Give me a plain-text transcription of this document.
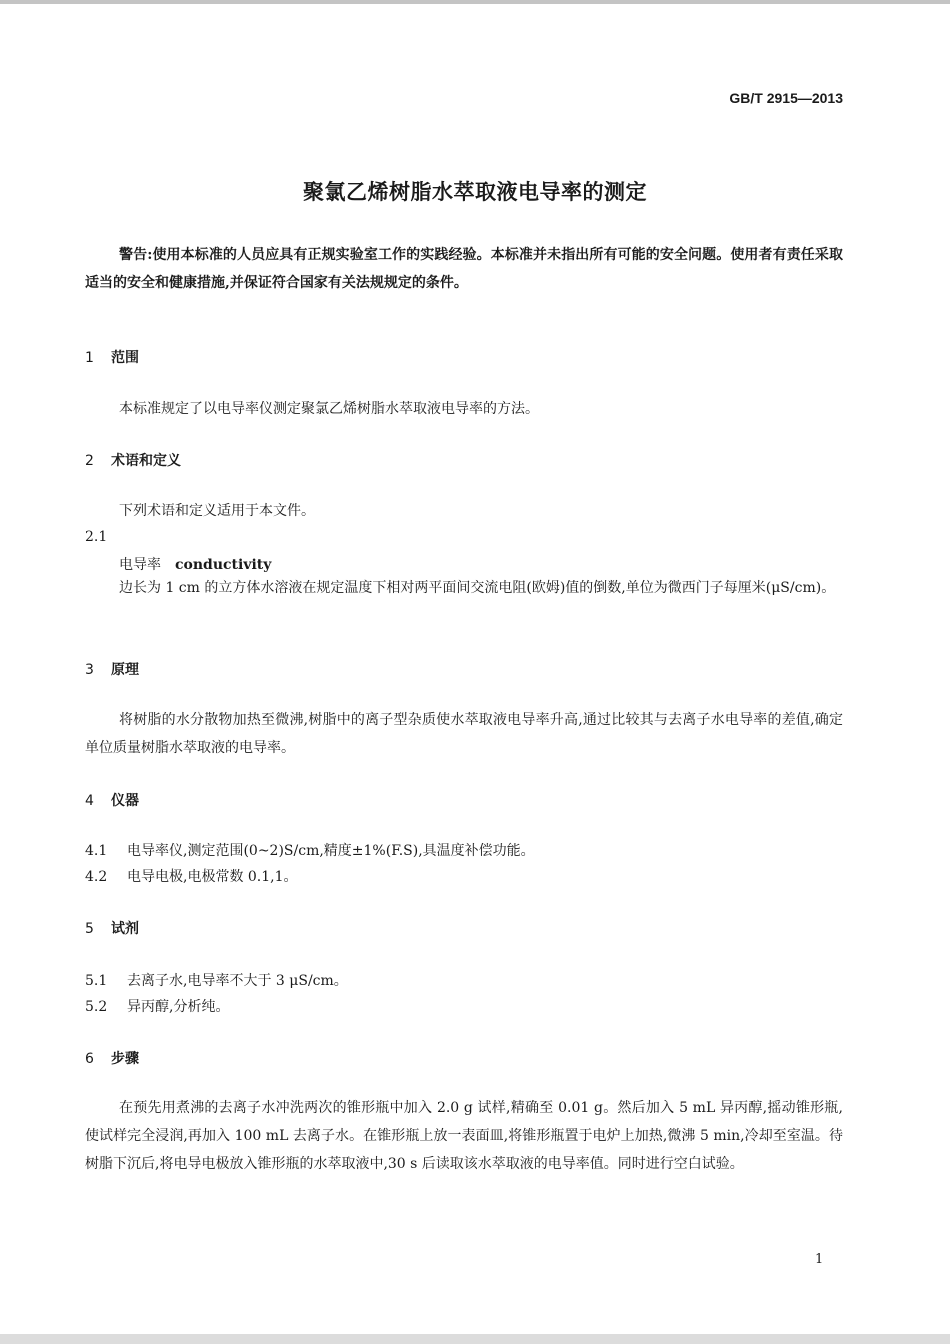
GB/T 2915—2013
聚氯乙烯树脂水萃取液电导率的测定
警告:使用本标准的人员应具有正规实验室工作的实践经验。本标准并未指出所有可能的安全问题。使用者有责任采取适当的安全和健康措施,并保证符合国家有关法规规定的条件。
1 范围
本标准规定了以电导率仪测定聚氯乙烯树脂水萃取液电导率的方法。
2 术语和定义
下列术语和定义适用于本文件。
2.1
电导率 conductivity
边长为 1 cm 的立方体水溶液在规定温度下相对两平面间交流电阻(欧姆)值的倒数,单位为微西门子每厘米(μS/cm)。
3 原理
将树脂的水分散物加热至微沸,树脂中的离子型杂质使水萃取液电导率升高,通过比较其与去离子水电导率的差值,确定单位质量树脂水萃取液的电导率。
4 仪器
4.1 电导率仪,测定范围(0~2)S/cm,精度±1%(F.S),具温度补偿功能。
4.2 电导电极,电极常数 0.1,1。
5 试剂
5.1 去离子水,电导率不大于 3 μS/cm。
5.2 异丙醇,分析纯。
6 步骤
在预先用煮沸的去离子水冲洗两次的锥形瓶中加入 2.0 g 试样,精确至 0.01 g。然后加入 5 mL 异丙醇,摇动锥形瓶,使试样完全浸润,再加入 100 mL 去离子水。在锥形瓶上放一表面皿,将锥形瓶置于电炉上加热,微沸 5 min,冷却至室温。待树脂下沉后,将电导电极放入锥形瓶的水萃取液中,30 s 后读取该水萃取液的电导率值。同时进行空白试验。
1
